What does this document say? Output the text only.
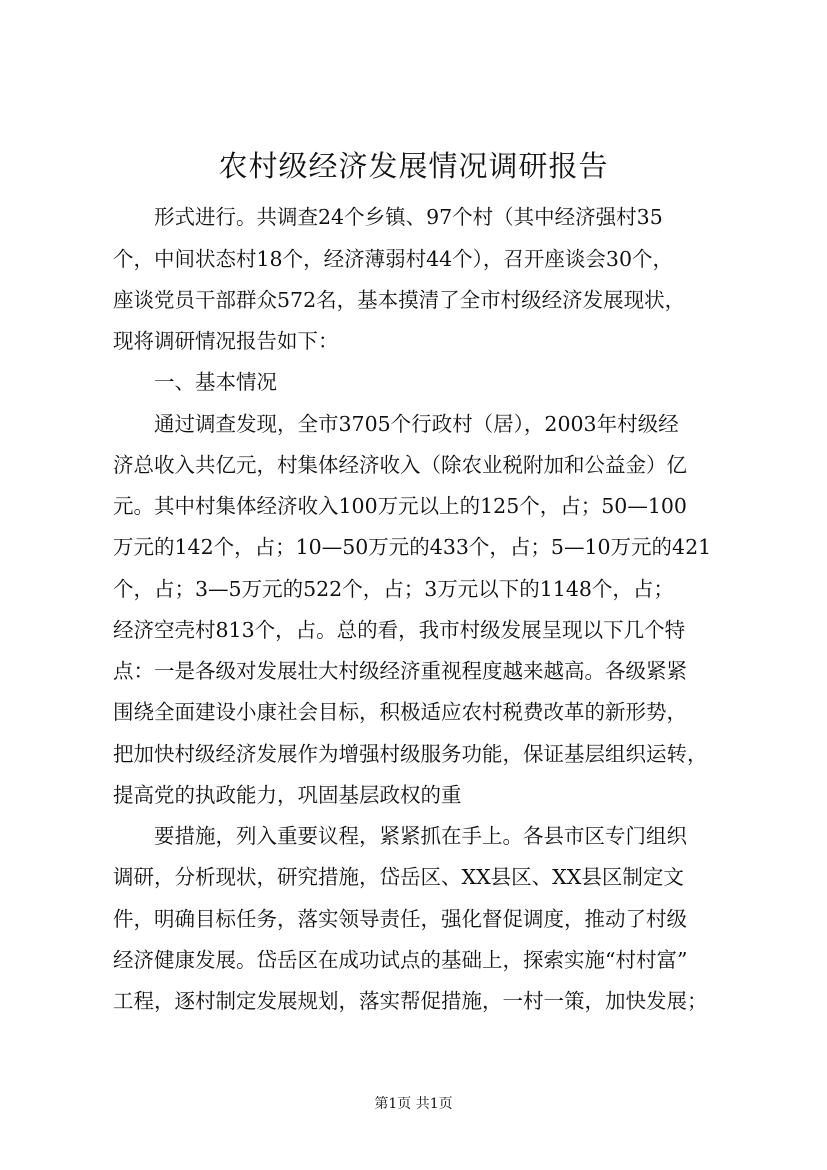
农村级经济发展情况调研报告

形式进行。共调查24个乡镇、97个村（其中经济强村35

个，中间状态村18个，经济薄弱村44个），召开座谈会30个，

座谈党员干部群众572名，基本摸清了全市村级经济发展现状，

现将调研情况报告如下：

一、基本情况

通过调查发现，全市3705个行政村（居），2003年村级经

济总收入共亿元，村集体经济收入（除农业税附加和公益金）亿

元。其中村集体经济收入100万元以上的125个，占；50—100

万元的142个，占；10—50万元的433个，占；5—10万元的421

个，占；3—5万元的522个，占；3万元以下的1148个，占；

经济空壳村813个，占。总的看，我市村级发展呈现以下几个特

点：一是各级对发展壮大村级经济重视程度越来越高。各级紧紧

围绕全面建设小康社会目标，积极适应农村税费改革的新形势，

把加快村级经济发展作为增强村级服务功能，保证基层组织运转，

提高党的执政能力，巩固基层政权的重

要措施，列入重要议程，紧紧抓在手上。各县市区专门组织

调研，分析现状，研究措施，岱岳区、XX县区、XX县区制定文

件，明确目标任务，落实领导责任，强化督促调度，推动了村级

经济健康发展。岱岳区在成功试点的基础上，探索实施“村村富”

工程，逐村制定发展规划，落实帮促措施，一村一策，加快发展；

第1页 共1页
